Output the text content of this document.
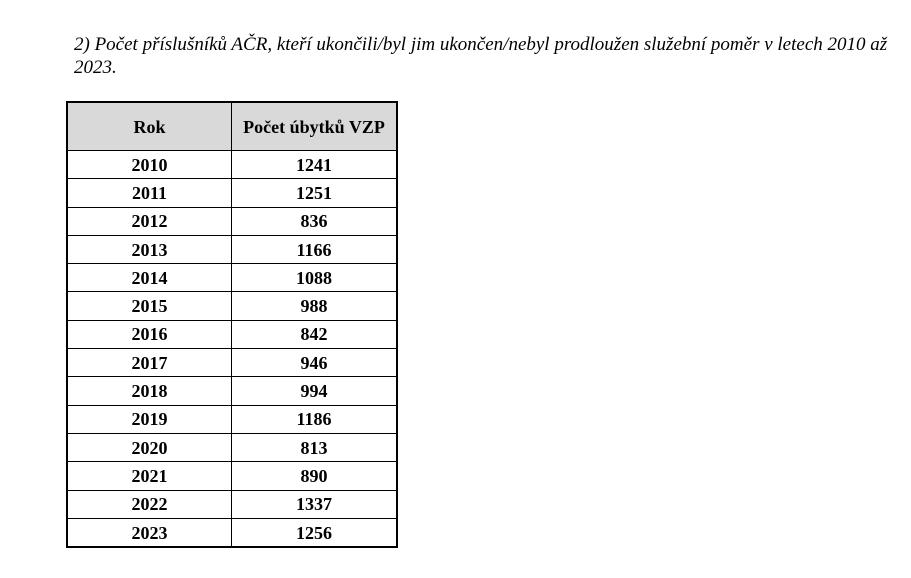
2) Počet příslušníků AČR, kteří ukončili/byl jim ukončen/nebyl prodloužen služební poměr v letech 2010 až 2023.

Rok	Počet úbytků VZP
2010	1241
2011	1251
2012	836
2013	1166
2014	1088
2015	988
2016	842
2017	946
2018	994
2019	1186
2020	813
2021	890
2022	1337
2023	1256
